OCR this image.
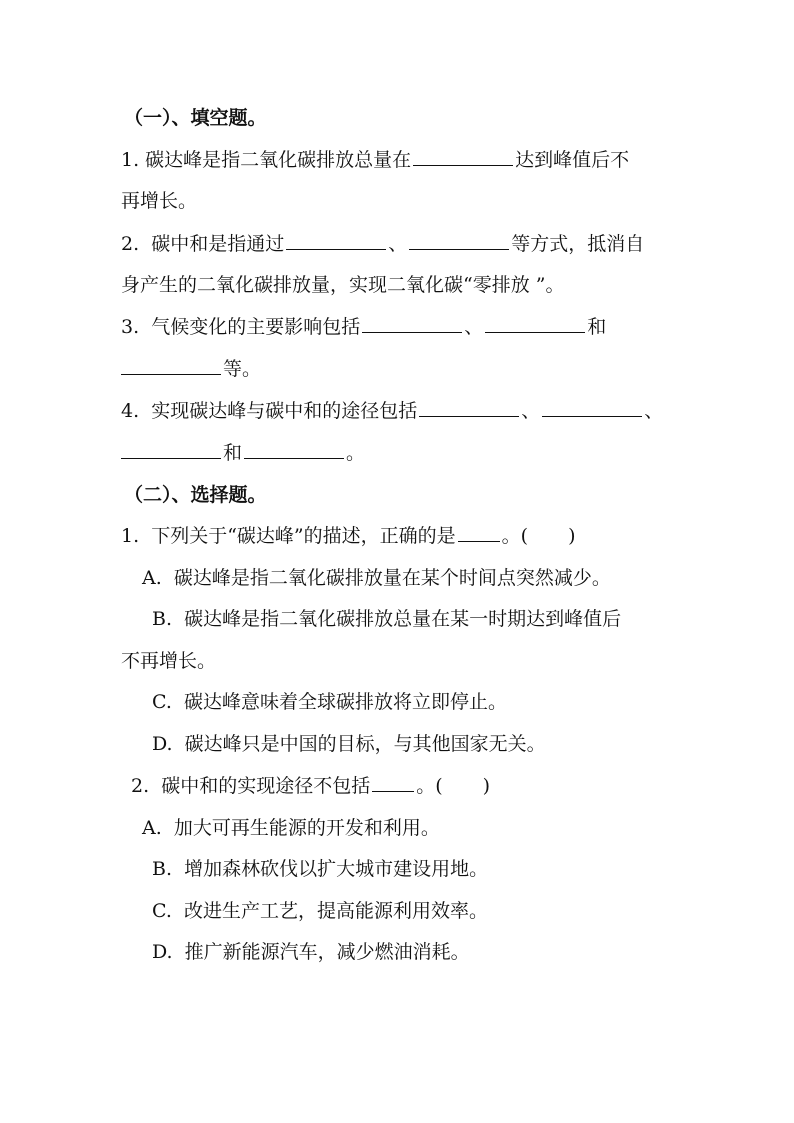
（一）、填空题。
1. 碳达峰是指二氧化碳排放总量在	达到峰值后不
再增长。
2.  碳中和是指通过	、	等方式，抵消自
身产生的二氧化碳排放量，实现二氧化碳“零排放 ”。
3.  气候变化的主要影响包括	、	和
等。
4.  实现碳达峰与碳中和的途径包括	、	、
和	。
（二）、选择题。
1.  下列关于“碳达峰”的描述，正确的是 。( )
A.  碳达峰是指二氧化碳排放量在某个时间点突然减少。
B.  碳达峰是指二氧化碳排放总量在某一时期达到峰值后
不再增长。
C.  碳达峰意味着全球碳排放将立即停止。
D.  碳达峰只是中国的目标，与其他国家无关。
2.  碳中和的实现途径不包括 。( )
A.  加大可再生能源的开发和利用。
B.  增加森林砍伐以扩大城市建设用地。
C.  改进生产工艺，提高能源利用效率。
D.  推广新能源汽车，减少燃油消耗。
